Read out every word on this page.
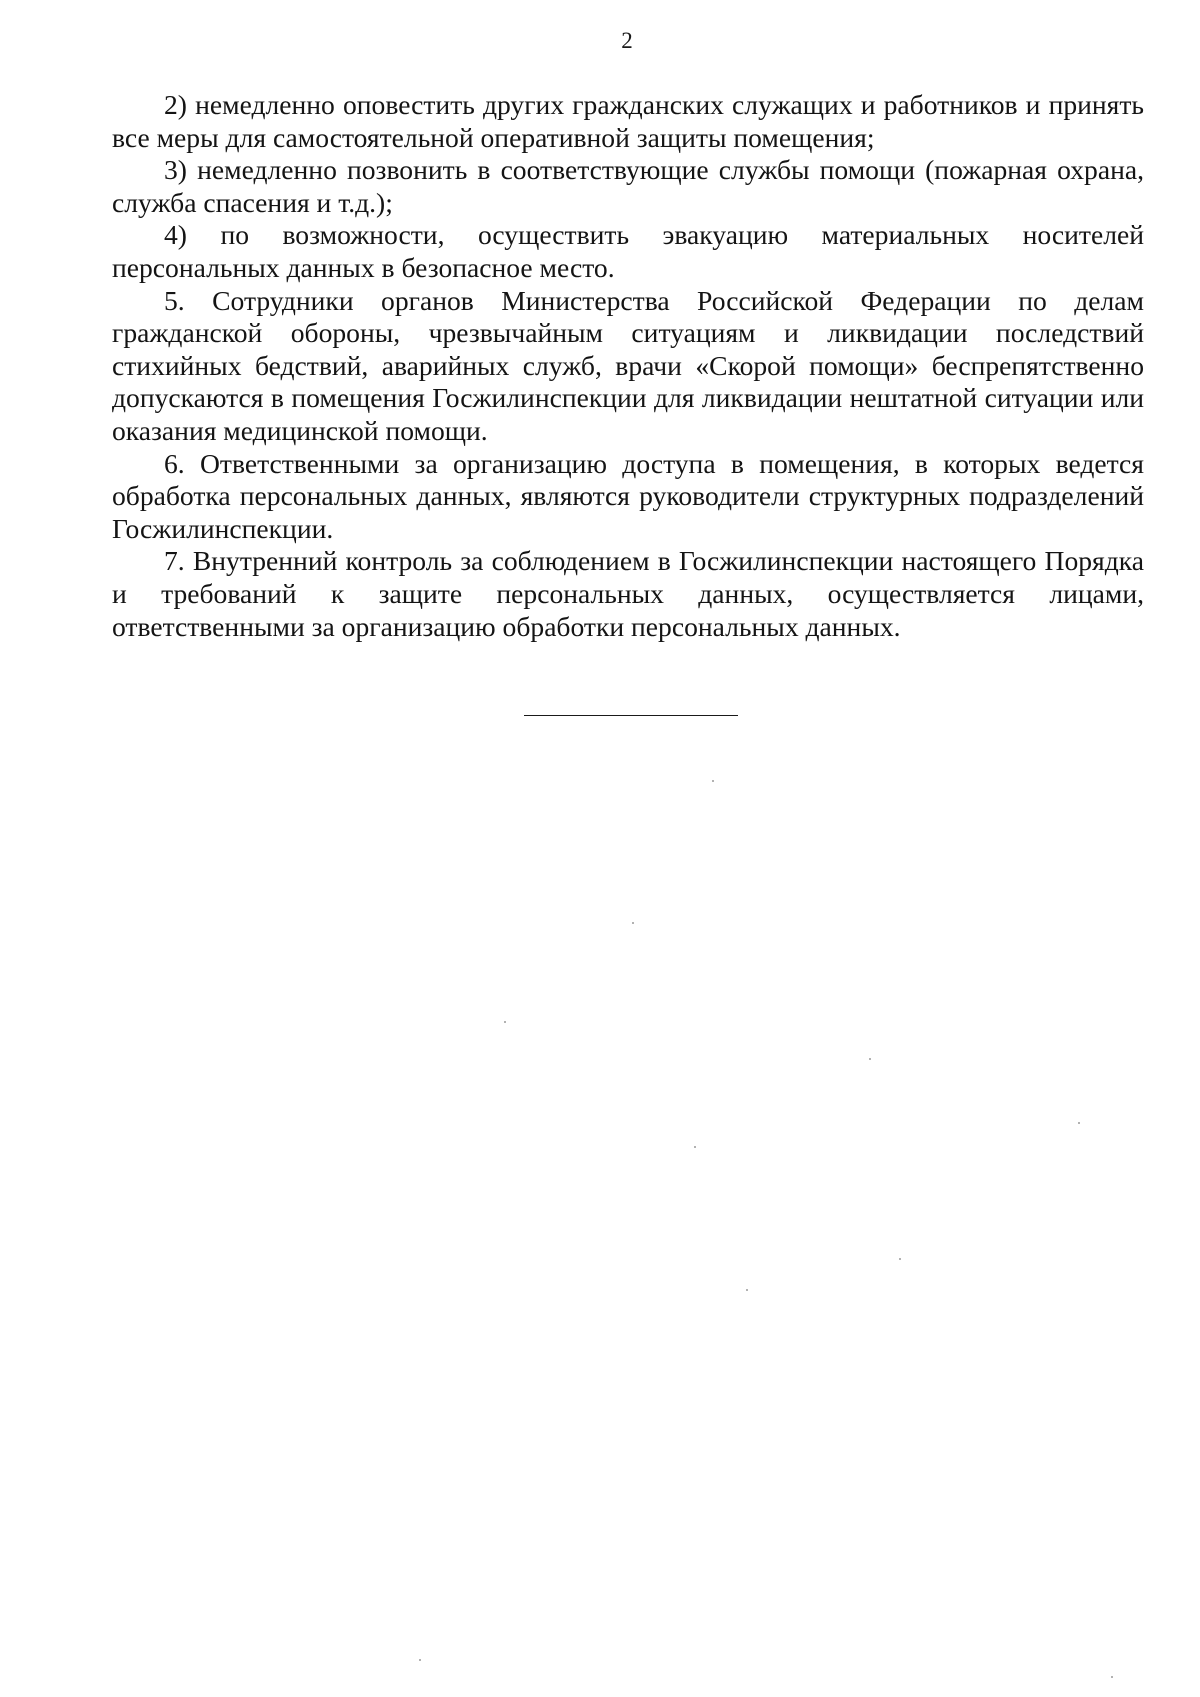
2

2) немедленно оповестить других гражданских служащих и работников и принять все меры для самостоятельной оперативной защиты помещения;

3) немедленно позвонить в соответствующие службы помощи (пожарная охрана, служба спасения и т.д.);

4) по возможности, осуществить эвакуацию материальных носителей персональных данных в безопасное место.

5. Сотрудники органов Министерства Российской Федерации по делам гражданской обороны, чрезвычайным ситуациям и ликвидации последствий стихийных бедствий, аварийных служб, врачи «Скорой помощи» беспрепятственно допускаются в помещения Госжилинспекции для ликвидации нештатной ситуации или оказания медицинской помощи.

6. Ответственными за организацию доступа в помещения, в которых ведется обработка персональных данных, являются руководители структурных подразделений Госжилинспекции.

7. Внутренний контроль за соблюдением в Госжилинспекции настоящего Порядка и требований к защите персональных данных, осуществляется лицами, ответственными за организацию обработки персональных данных.
